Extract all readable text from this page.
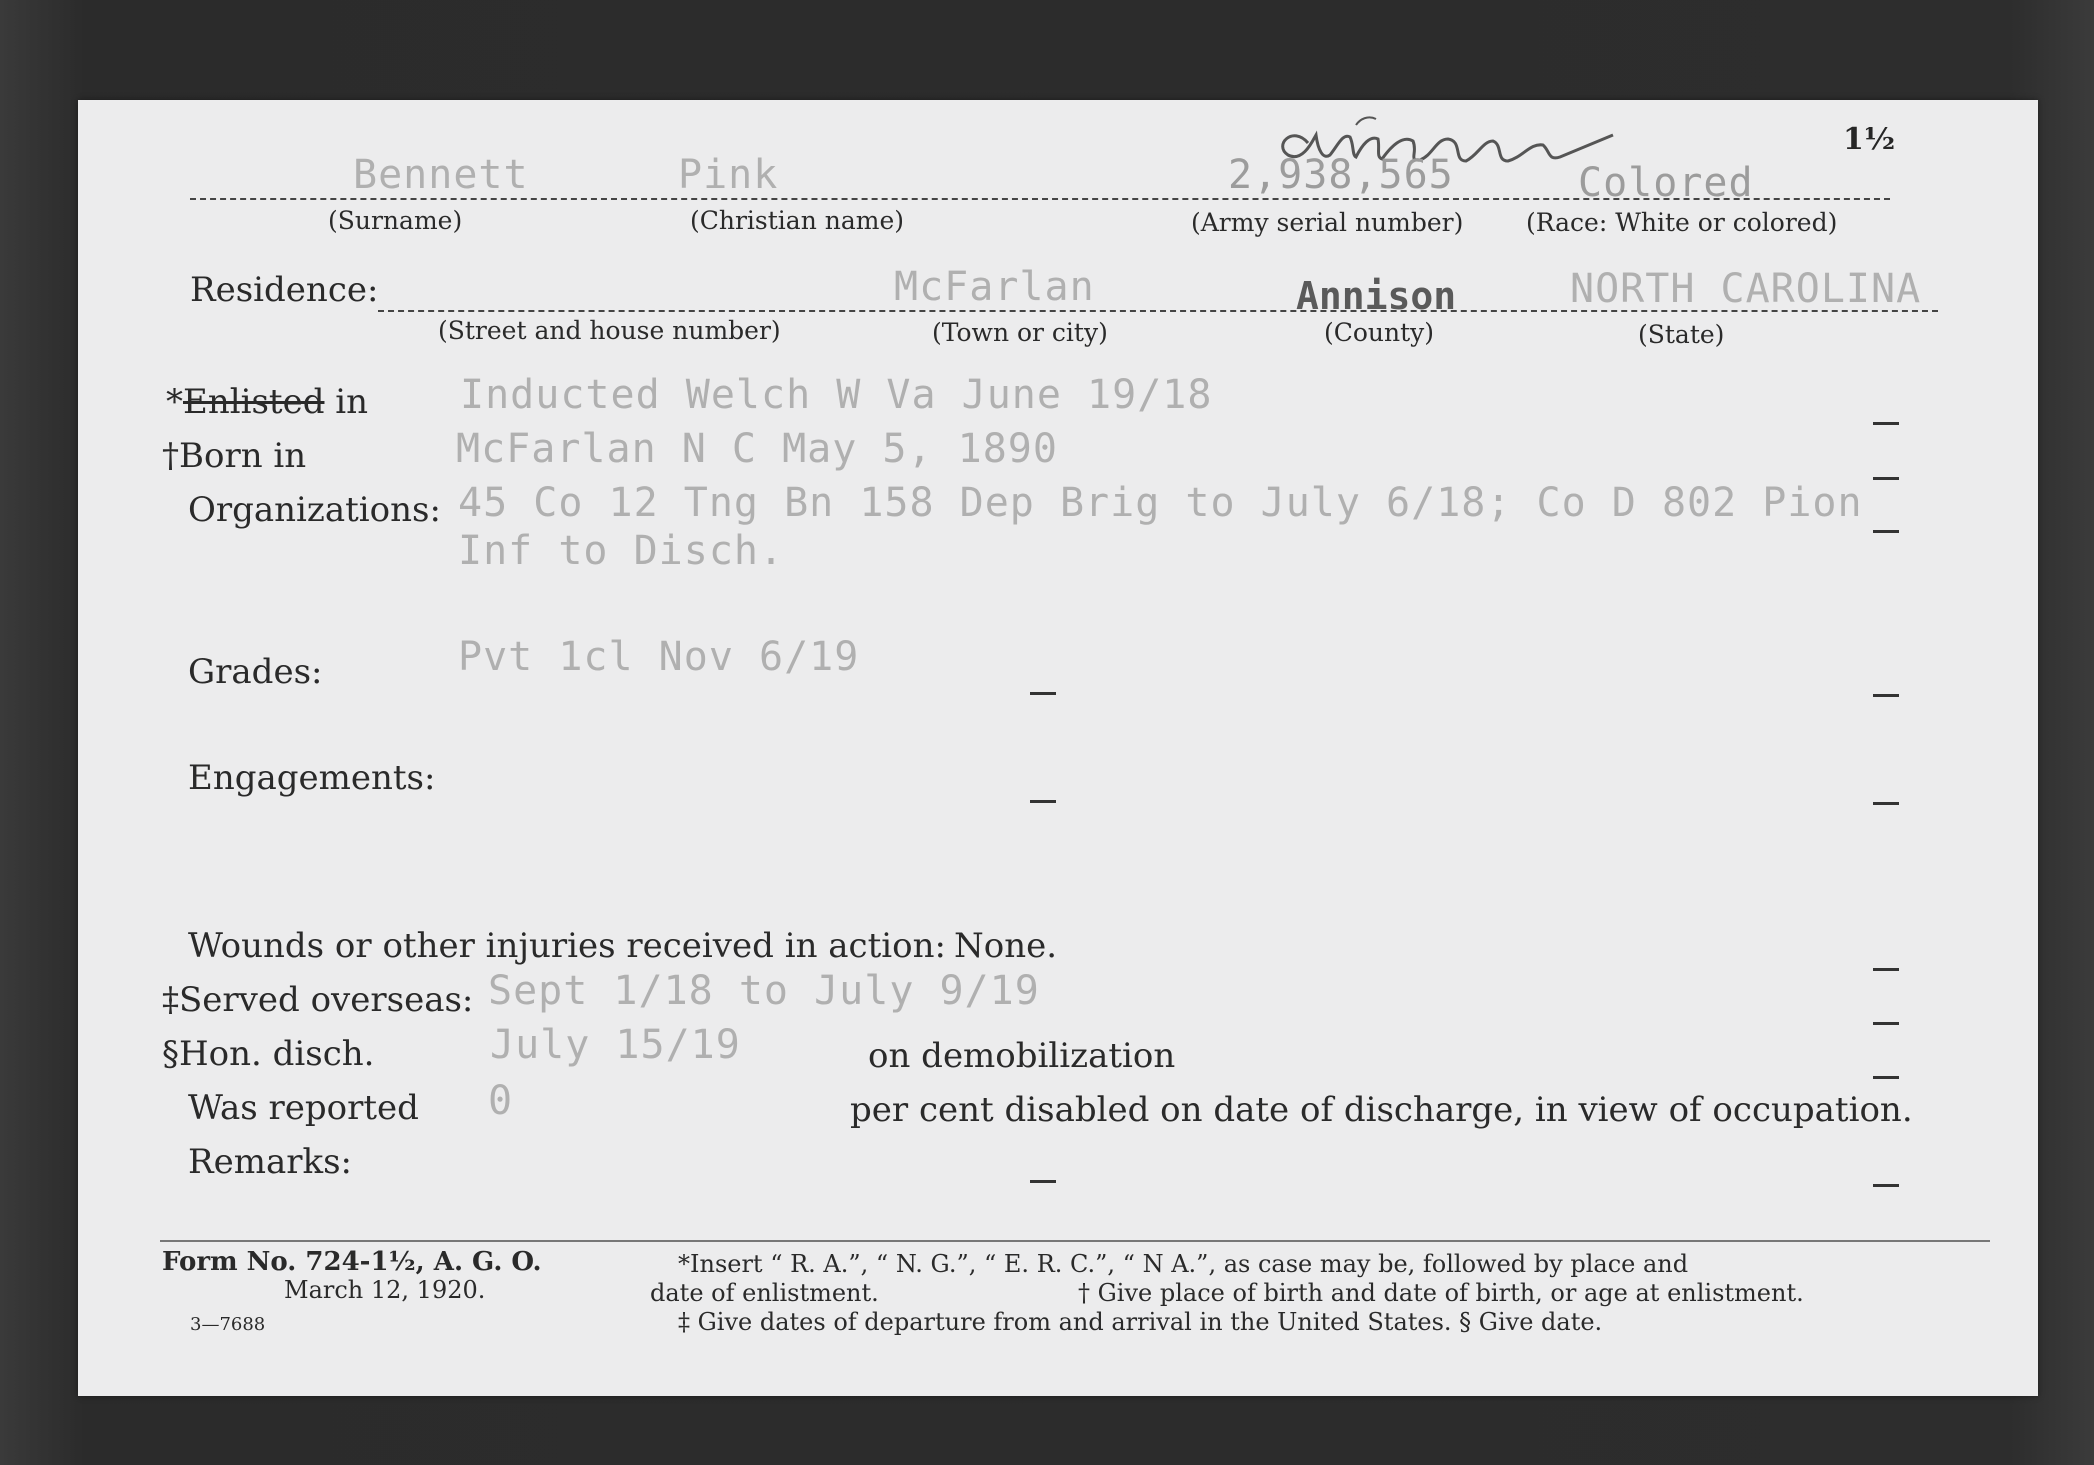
1½
Bennett	Pink	2,938,565	Colored
(Surname)	(Christian name)	(Army serial number)	(Race: White or colored)
Residence:	McFarlan	Annison	NORTH CAROLINA
(Street and house number)	(Town or city)	(County)	(State)
*Enlisted in Inducted Welch W Va June 19/18
†Born in	McFarlan N C May 5, 1890
Organizations: 45 Co 12 Tng Bn 158 Dep Brig to July 6/18; Co D 802 Pion
Inf to Disch.
Grades:	Pvt 1cl Nov 6/19
Engagements:
Wounds or other injuries received in action: None.
‡Served overseas: Sept 1/18 to July 9/19
§Hon. disch.	July 15/19	on demobilization
Was reported 0	per cent disabled on date of discharge, in view of occupation.
Remarks:
Form No. 724-1½, A. G. O.
March 12, 1920.
3—7688
*Insert “ R. A.”, “ N. G.”, “ E. R. C.”, “ N A.”, as case may be, followed by place and
date of enlistment.	† Give place of birth and date of birth, or age at enlistment.
‡ Give dates of departure from and arrival in the United States. § Give date.
